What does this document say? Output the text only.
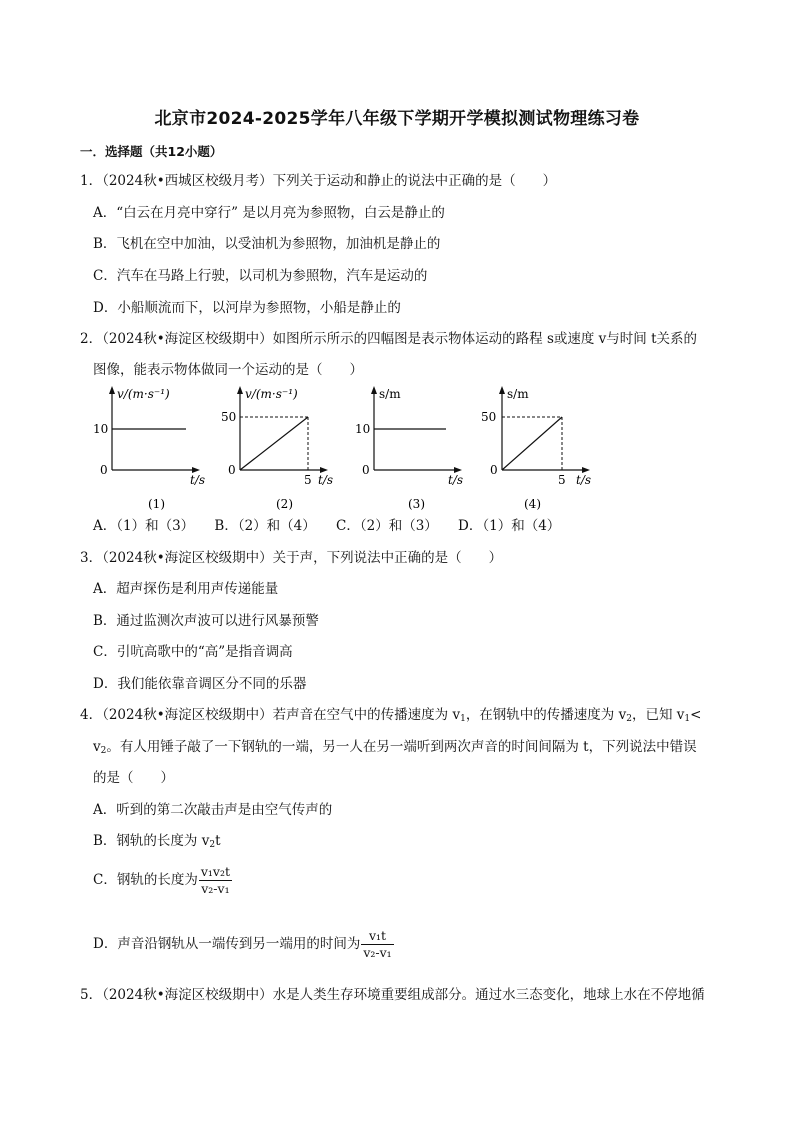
北京市2024-2025学年八年级下学期开学模拟测试物理练习卷
一．选择题（共12小题）
1．（2024秋•西城区校级月考）下列关于运动和静止的说法中正确的是（　　）
A．“白云在月亮中穿行” 是以月亮为参照物，白云是静止的
B．飞机在空中加油，以受油机为参照物，加油机是静止的
C．汽车在马路上行驶，以司机为参照物，汽车是运动的
D．小船顺流而下，以河岸为参照物，小船是静止的
2．（2024秋•海淀区校级期中）如图所示所示的四幅图是表示物体运动的路程 s或速度 v与时间 t关系的
图像，能表示物体做同一个运动的是（　　）
v/(m·s⁻¹)
10
0
t/s
(1)
v/(m·s⁻¹)
50
0
5 t/s
(2)
s/m
10
0
t/s
(3)
s/m
50
0
5 t/s
(4)
A．（1）和（3）　　B．（2）和（4）　　C．（2）和（3）　　D．（1）和（4）
3．（2024秋•海淀区校级期中）关于声，下列说法中正确的是（　　）
A．超声探伤是利用声传递能量
B．通过监测次声波可以进行风暴预警
C．引吭高歌中的“高”是指音调高
D．我们能依靠音调区分不同的乐器
4．（2024秋•海淀区校级期中）若声音在空气中的传播速度为 $v_1$，在钢轨中的传播速度为 $v_2$，已知 $v_1<$
$v_2$。有人用锤子敲了一下钢轨的一端，另一人在另一端听到两次声音的时间间隔为 t，下列说法中错误
的是（　　）
A．听到的第二次敲击声是由空气传声的
B．钢轨的长度为 $v_2t$
C．钢轨的长度为 $\frac{\text{v₁v₂t}}{\text{v₂-v₁}}$
D．声音沿钢轨从一端传到另一端用的时间为 $\frac{\text{v₁t}}{\text{v₂-v₁}}$
5．（2024秋•海淀区校级期中）水是人类生存环境重要组成部分。通过水三态变化，地球上水在不停地循
